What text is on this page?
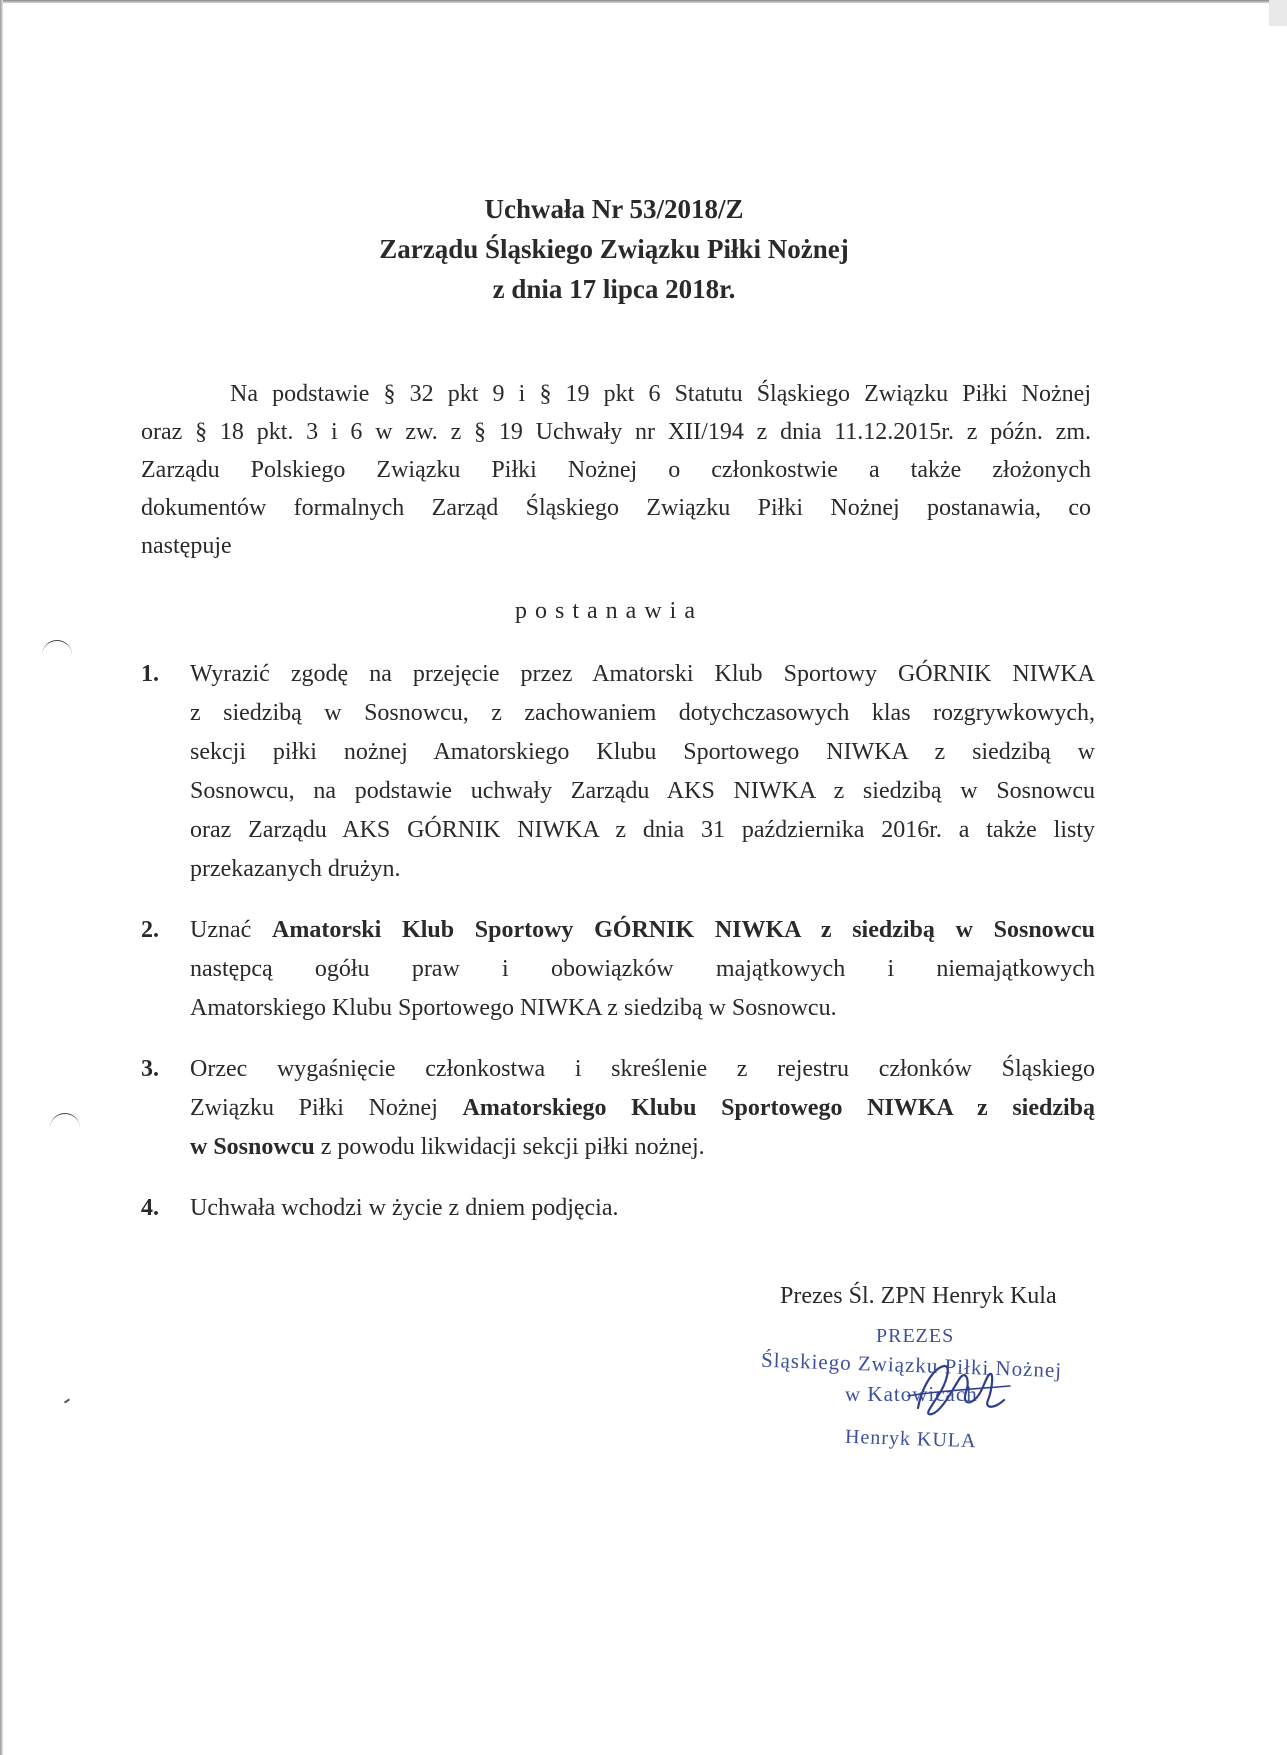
Uchwała Nr 53/2018/Z
Zarządu Śląskiego Związku Piłki Nożnej
z dnia 17 lipca 2018r.
Na podstawie § 32 pkt 9 i § 19 pkt 6 Statutu Śląskiego Związku Piłki Nożnej
oraz § 18 pkt. 3 i 6 w zw. z § 19 Uchwały nr XII/194 z dnia 11.12.2015r. z późn. zm.
Zarządu Polskiego Związku Piłki Nożnej o członkostwie a także złożonych
dokumentów formalnych Zarząd Śląskiego Związku Piłki Nożnej postanawia, co
następuje
postanawia
1.	Wyrazić zgodę na przejęcie przez Amatorski Klub Sportowy GÓRNIK NIWKA
z siedzibą w Sosnowcu, z zachowaniem dotychczasowych klas rozgrywkowych,
sekcji piłki nożnej Amatorskiego Klubu Sportowego NIWKA z siedzibą w
Sosnowcu, na podstawie uchwały Zarządu AKS NIWKA z siedzibą w Sosnowcu
oraz Zarządu AKS GÓRNIK NIWKA z dnia 31 października 2016r. a także listy
przekazanych drużyn.
2.	Uznać Amatorski Klub Sportowy GÓRNIK NIWKA z siedzibą w Sosnowcu
następcą ogółu praw i obowiązków majątkowych i niemajątkowych
Amatorskiego Klubu Sportowego NIWKA z siedzibą w Sosnowcu.
3.	Orzec wygaśnięcie członkostwa i skreślenie z rejestru członków Śląskiego
Związku Piłki Nożnej Amatorskiego Klubu Sportowego NIWKA z siedzibą
w Sosnowcu z powodu likwidacji sekcji piłki nożnej.
4.	Uchwała wchodzi w życie z dniem podjęcia.
Prezes Śl. ZPN Henryk Kula
PREZES
Śląskiego Związku Piłki Nożnej
w Katowicach
Henryk KULA
